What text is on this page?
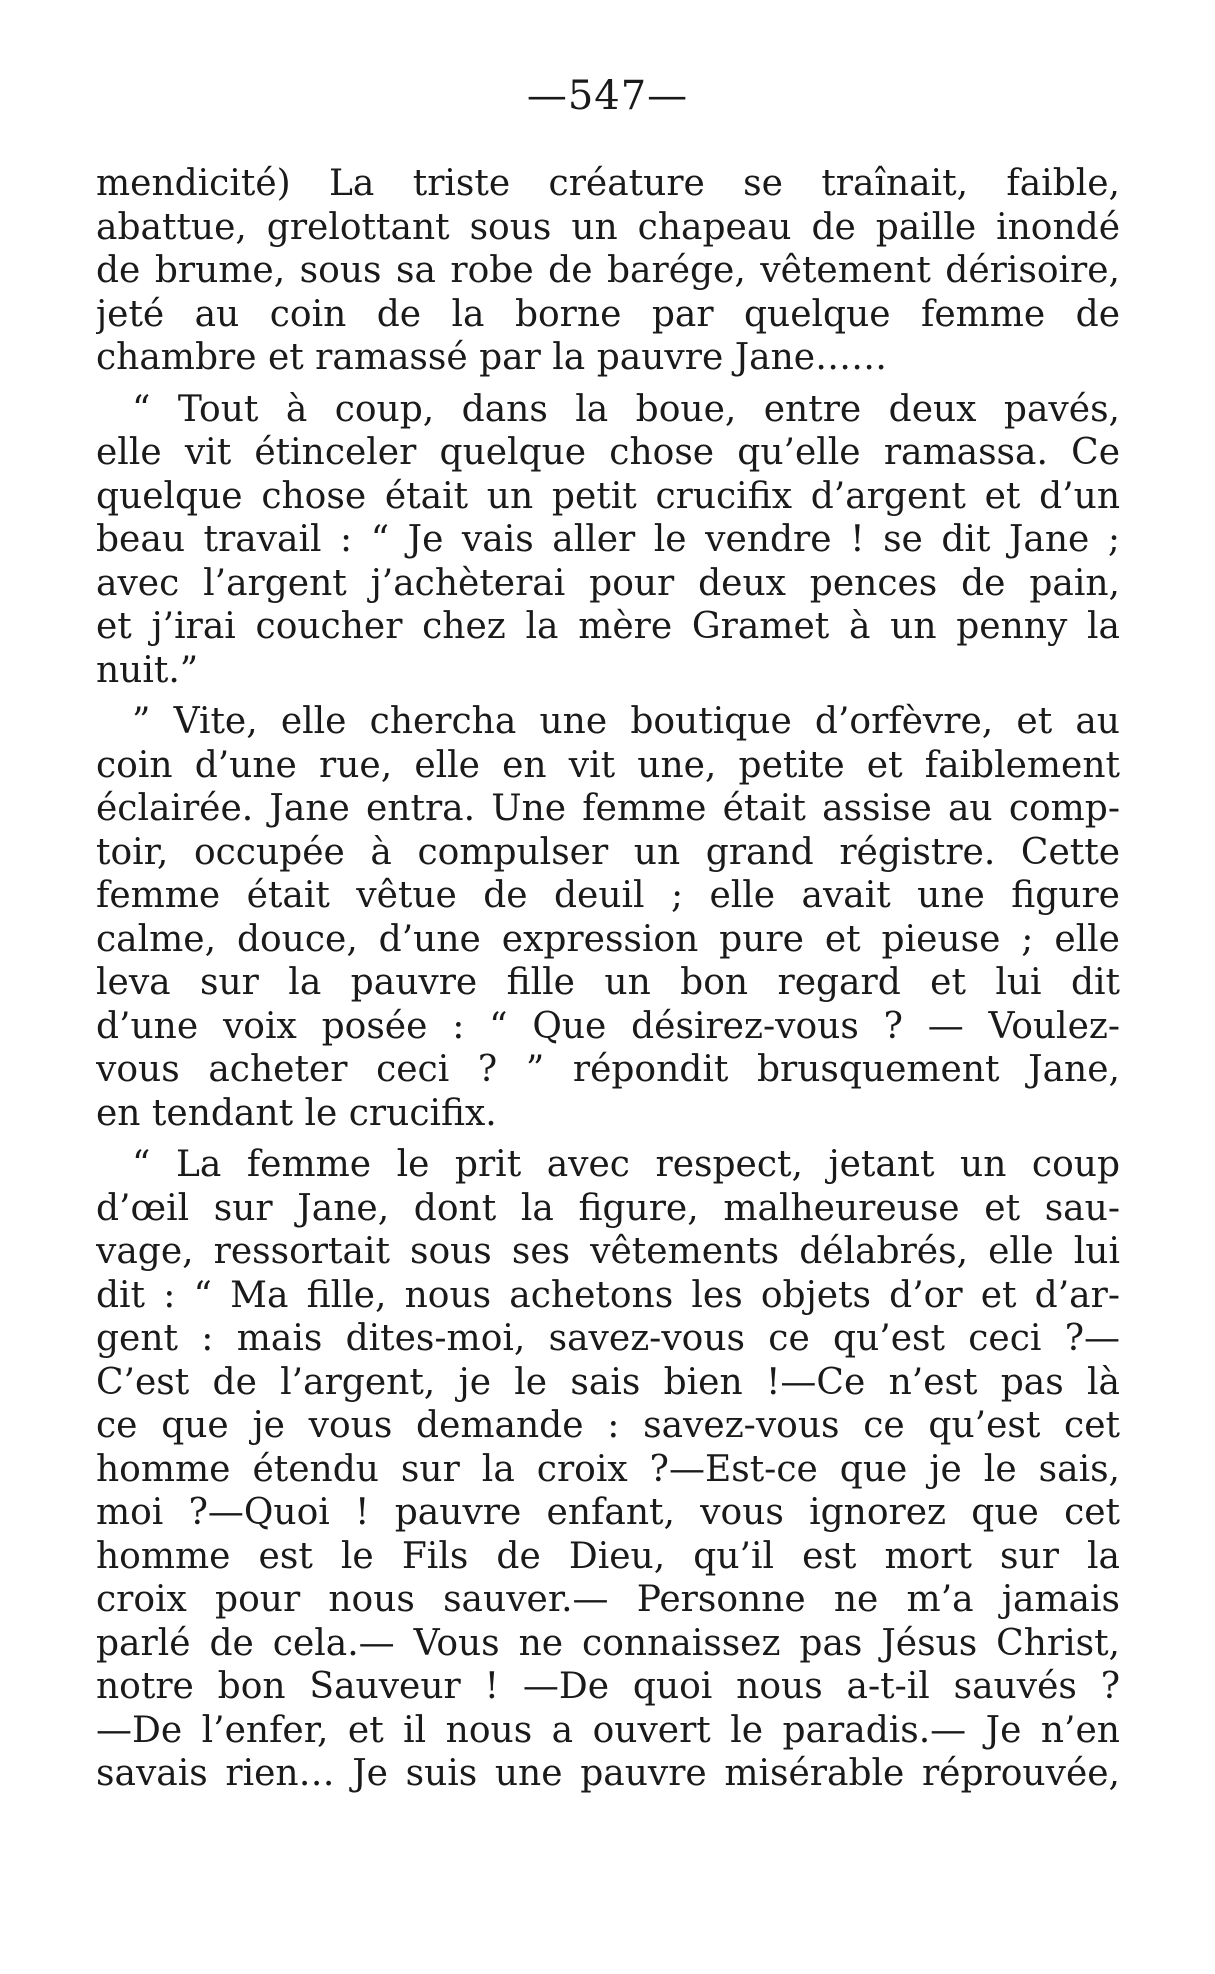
—547—
mendicité) La triste créature se traînait, faible,
abattue, grelottant sous un chapeau de paille inondé
de brume, sous sa robe de barége, vêtement dérisoire,
jeté au coin de la borne par quelque femme de
chambre et ramassé par la pauvre Jane……
“ Tout à coup, dans la boue, entre deux pavés,
elle vit étinceler quelque chose qu’elle ramassa. Ce
quelque chose était un petit crucifix d’argent et d’un
beau travail : “ Je vais aller le vendre ! se dit Jane ;
avec l’argent j’achèterai pour deux pences de pain,
et j’irai coucher chez la mère Gramet à un penny la
nuit.”
” Vite, elle chercha une boutique d’orfèvre, et au
coin d’une rue, elle en vit une, petite et faiblement
éclairée. Jane entra. Une femme était assise au comp-
toir, occupée à compulser un grand régistre. Cette
femme était vêtue de deuil ; elle avait une figure
calme, douce, d’une expression pure et pieuse ; elle
leva sur la pauvre fille un bon regard et lui dit
d’une voix posée : “ Que désirez-vous ? — Voulez-
vous acheter ceci ? ” répondit brusquement Jane,
en tendant le crucifix.
“ La femme le prit avec respect, jetant un coup
d’œil sur Jane, dont la figure, malheureuse et sau-
vage, ressortait sous ses vêtements délabrés, elle lui
dit : “ Ma fille, nous achetons les objets d’or et d’ar-
gent : mais dites-moi, savez-vous ce qu’est ceci ?—
C’est de l’argent, je le sais bien !—Ce n’est pas là
ce que je vous demande : savez-vous ce qu’est cet
homme étendu sur la croix ?—Est-ce que je le sais,
moi ?—Quoi ! pauvre enfant, vous ignorez que cet
homme est le Fils de Dieu, qu’il est mort sur la
croix pour nous sauver.— Personne ne m’a jamais
parlé de cela.— Vous ne connaissez pas Jésus Christ,
notre bon Sauveur ! —De quoi nous a-t-il sauvés ?
—De l’enfer, et il nous a ouvert le paradis.— Je n’en
savais rien… Je suis une pauvre misérable réprouvée,
